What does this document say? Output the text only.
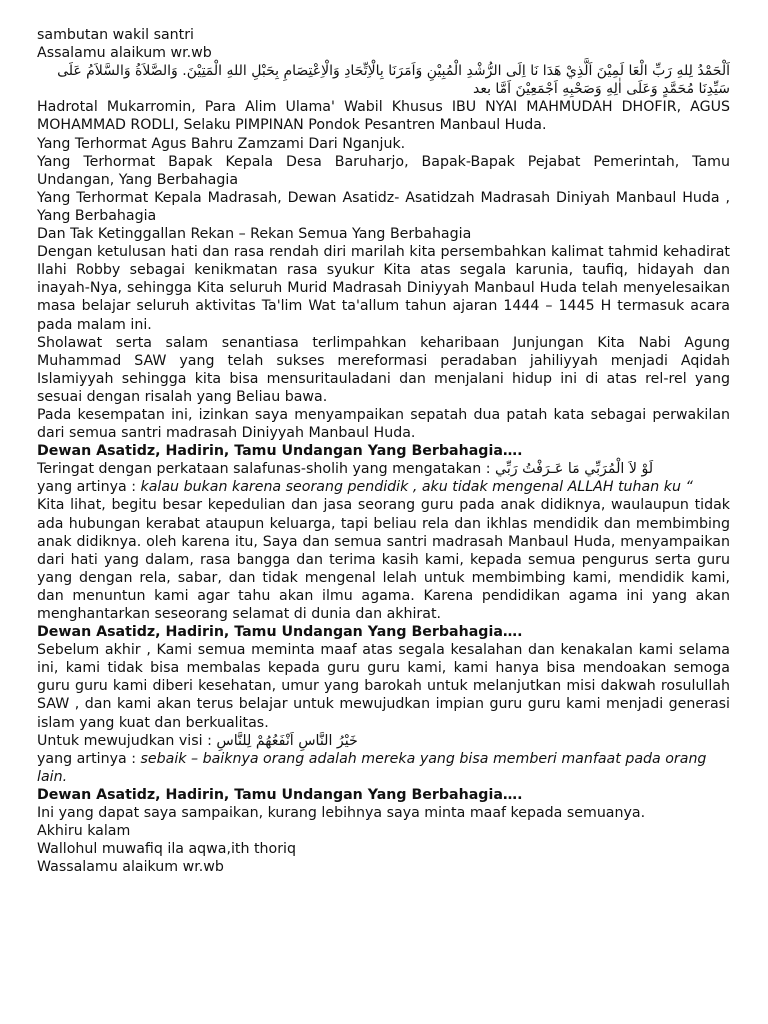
sambutan wakil santri

Assalamu alaikum wr.wb

اَلْحَمْدُ لِلهِ رَبِّ الْعَا لَمِيْنَ اَلَّذِيْ هَدَا نَا اِلَى الرُّشْدِ الْمُبِيْنِ وَاَمَرَنَا بِالْاِتِّحَادِ وَالْاِعْتِصَامِ بِحَبْلِ اللهِ الْمَتِيْنَ. وَالصَّلاَةُ وَالسَّلاَمُ عَلَى سَيِّدِنَا مُحَمَّدٍ وَعَلَى اٰلِهِ وَصَحْبِهِ اَجْمَعِيْنَ اَمَّا بعد

Hadrotal Mukarromin, Para Alim Ulama' Wabil Khusus IBU NYAI MAHMUDAH DHOFIR, AGUS MOHAMMAD RODLI, Selaku PIMPINAN Pondok Pesantren Manbaul Huda.

Yang Terhormat Agus Bahru Zamzami Dari Nganjuk.

Yang Terhormat Bapak Kepala Desa Baruharjo, Bapak-Bapak Pejabat Pemerintah, Tamu Undangan, Yang Berbahagia

Yang Terhormat Kepala Madrasah, Dewan Asatidz- Asatidzah Madrasah Diniyah Manbaul Huda , Yang Berbahagia

Dan Tak Ketinggallan Rekan – Rekan Semua Yang Berbahagia

Dengan ketulusan hati dan rasa rendah diri marilah kita persembahkan kalimat tahmid kehadirat Ilahi Robby sebagai kenikmatan rasa syukur Kita atas segala karunia, taufiq, hidayah dan inayah-Nya, sehingga Kita seluruh Murid Madrasah Diniyyah Manbaul Huda telah menyelesaikan masa belajar seluruh aktivitas Ta'lim Wat ta'allum tahun ajaran 1444 – 1445 H termasuk acara pada malam ini.

Sholawat serta salam senantiasa terlimpahkan keharibaan Junjungan Kita Nabi Agung Muhammad SAW yang telah sukses mereformasi peradaban jahiliyyah menjadi Aqidah Islamiyyah sehingga kita bisa mensuritauladani dan menjalani hidup ini di atas rel-rel yang sesuai dengan risalah yang Beliau bawa.

Pada kesempatan ini, izinkan saya menyampaikan sepatah dua patah kata sebagai perwakilan dari semua santri madrasah Diniyyah Manbaul Huda.

Dewan Asatidz, Hadirin, Tamu Undangan Yang Berbahagia….

Teringat dengan perkataan salafunas-sholih yang mengatakan : لَوْ لاَ الْمُرَبِّي مَا عَـرَفْتُ رَبِّي

yang artinya : kalau bukan karena seorang pendidik , aku tidak mengenal ALLAH tuhan ku “

Kita lihat, begitu besar kepedulian dan jasa seorang guru pada anak didiknya, waulaupun tidak ada hubungan kerabat ataupun keluarga, tapi beliau rela dan ikhlas mendidik dan membimbing anak didiknya. oleh karena itu, Saya dan semua santri madrasah Manbaul Huda, menyampaikan dari hati yang dalam, rasa bangga dan terima kasih kami, kepada semua pengurus serta guru yang dengan rela, sabar, dan tidak mengenal lelah untuk membimbing kami, mendidik kami, dan menuntun kami agar tahu akan ilmu agama. Karena pendidikan agama ini yang akan menghantarkan seseorang selamat di dunia dan akhirat.

Dewan Asatidz, Hadirin, Tamu Undangan Yang Berbahagia….

Sebelum akhir , Kami semua meminta maaf atas segala kesalahan dan kenakalan kami selama ini, kami tidak bisa membalas kepada guru guru kami, kami hanya bisa mendoakan semoga guru guru kami diberi kesehatan, umur yang barokah untuk melanjutkan misi dakwah rosulullah SAW , dan kami akan terus belajar untuk mewujudkan impian guru guru kami menjadi generasi islam yang kuat dan berkualitas.

Untuk mewujudkan visi : خَيْرُ النَّاسِ اَنْفَعُهُمْ لِلنَّاسِ

yang artinya : sebaik – baiknya orang adalah mereka yang bisa memberi manfaat pada orang lain.

Dewan Asatidz, Hadirin, Tamu Undangan Yang Berbahagia….

Ini yang dapat saya sampaikan, kurang lebihnya saya minta maaf kepada semuanya.

Akhiru kalam

Wallohul muwafiq ila aqwa,ith thoriq

Wassalamu alaikum wr.wb
